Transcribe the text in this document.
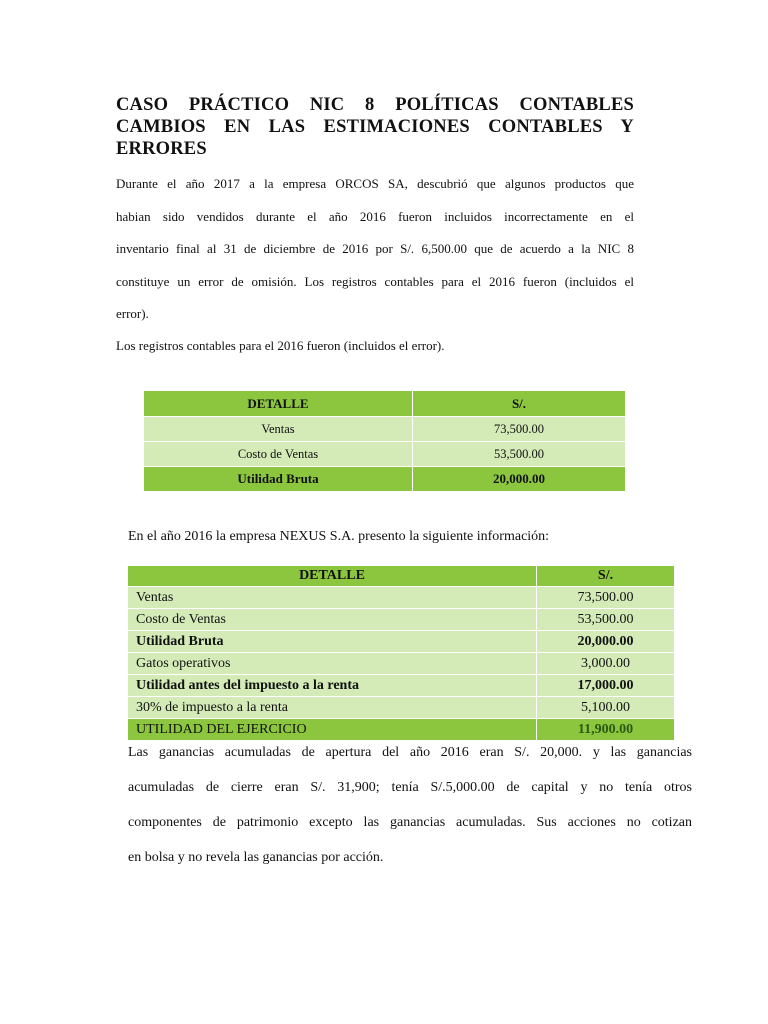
CASO PRÁCTICO NIC 8 POLÍTICAS CONTABLES
CAMBIOS EN LAS ESTIMACIONES CONTABLES Y
ERRORES

Durante el año 2017 a la empresa ORCOS SA, descubrió que algunos productos que
habian sido vendidos durante el año 2016 fueron incluidos incorrectamente en el
inventario final al 31 de diciembre de 2016 por S/. 6,500.00 que de acuerdo a la NIC 8
constituye un error de omisión. Los registros contables para el 2016 fueron (incluidos el
error).

Los registros contables para el 2016 fueron (incluidos el error).

DETALLE	S/.
Ventas	73,500.00
Costo de Ventas	53,500.00
Utilidad Bruta	20,000.00

En el año 2016 la empresa NEXUS S.A. presento la siguiente información:

DETALLE	S/.
Ventas	73,500.00
Costo de Ventas	53,500.00
Utilidad Bruta	20,000.00
Gatos operativos	3,000.00
Utilidad antes del impuesto a la renta	17,000.00
30% de impuesto a la renta	5,100.00
UTILIDAD DEL EJERCICIO	11,900.00

Las ganancias acumuladas de apertura del año 2016 eran S/. 20,000. y las ganancias
acumuladas de cierre eran S/. 31,900; tenía S/.5,000.00 de capital y no tenía otros
componentes de patrimonio excepto las ganancias acumuladas. Sus acciones no cotizan
en bolsa y no revela las ganancias por acción.
